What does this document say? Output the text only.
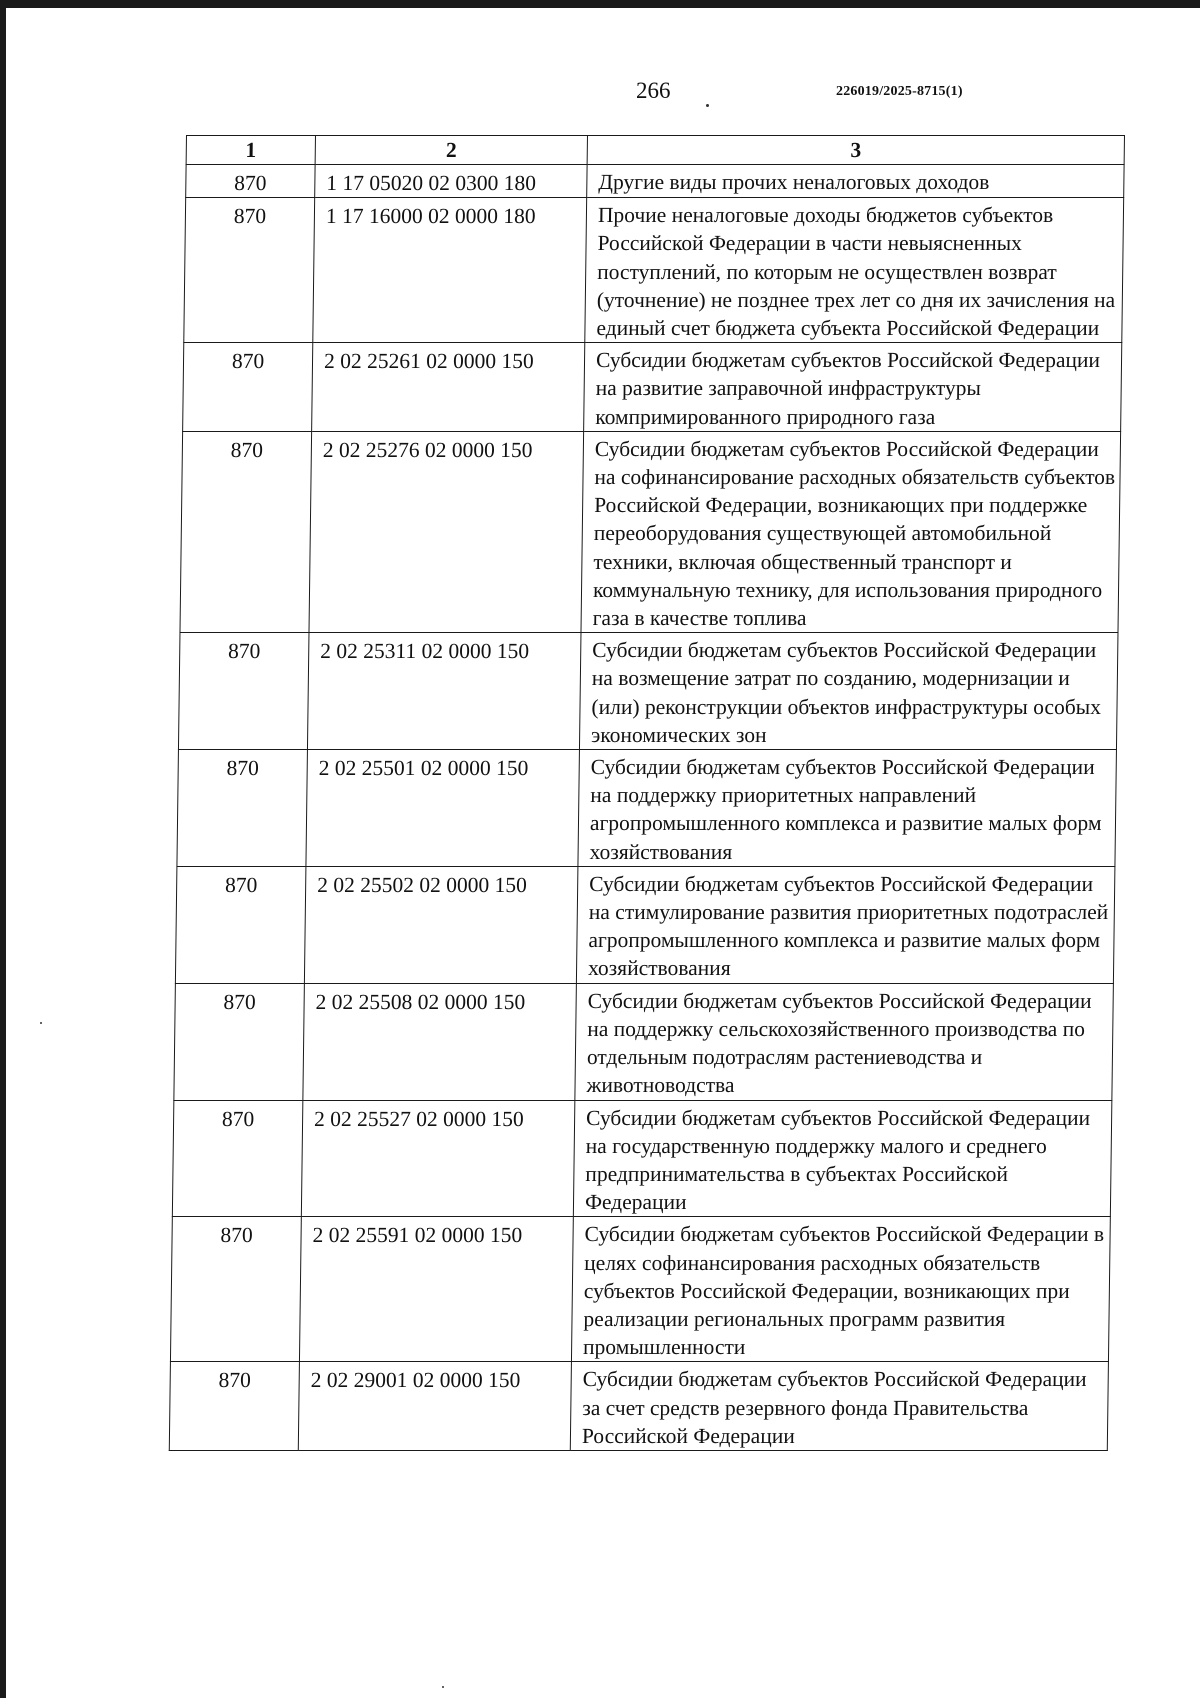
266	226019/2025-8715(1)
1	2	3
870	1 17 05020 02 0300 180	Другие виды прочих неналоговых доходов
870	1 17 16000 02 0000 180	Прочие неналоговые доходы бюджетов субъектов Российской Федерации в части невыясненных поступлений, по которым не осуществлен возврат (уточнение) не позднее трех лет со дня их зачисления на единый счет бюджета субъекта Российской Федерации
870	2 02 25261 02 0000 150	Субсидии бюджетам субъектов Российской Федерации на развитие заправочной инфраструктуры компримированного природного газа
870	2 02 25276 02 0000 150	Субсидии бюджетам субъектов Российской Федерации на софинансирование расходных обязательств субъектов Российской Федерации, возникающих при поддержке переоборудования существующей автомобильной техники, включая общественный транспорт и коммунальную технику, для использования природного газа в качестве топлива
870	2 02 25311 02 0000 150	Субсидии бюджетам субъектов Российской Федерации на возмещение затрат по созданию, модернизации и (или) реконструкции объектов инфраструктуры особых экономических зон
870	2 02 25501 02 0000 150	Субсидии бюджетам субъектов Российской Федерации на поддержку приоритетных направлений агропромышленного комплекса и развитие малых форм хозяйствования
870	2 02 25502 02 0000 150	Субсидии бюджетам субъектов Российской Федерации на стимулирование развития приоритетных подотраслей агропромышленного комплекса и развитие малых форм хозяйствования
870	2 02 25508 02 0000 150	Субсидии бюджетам субъектов Российской Федерации на поддержку сельскохозяйственного производства по отдельным подотраслям растениеводства и животноводства
870	2 02 25527 02 0000 150	Субсидии бюджетам субъектов Российской Федерации на государственную поддержку малого и среднего предпринимательства в субъектах Российской Федерации
870	2 02 25591 02 0000 150	Субсидии бюджетам субъектов Российской Федерации в целях софинансирования расходных обязательств субъектов Российской Федерации, возникающих при реализации региональных программ развития промышленности
870	2 02 29001 02 0000 150	Субсидии бюджетам субъектов Российской Федерации за счет средств резервного фонда Правительства Российской Федерации
